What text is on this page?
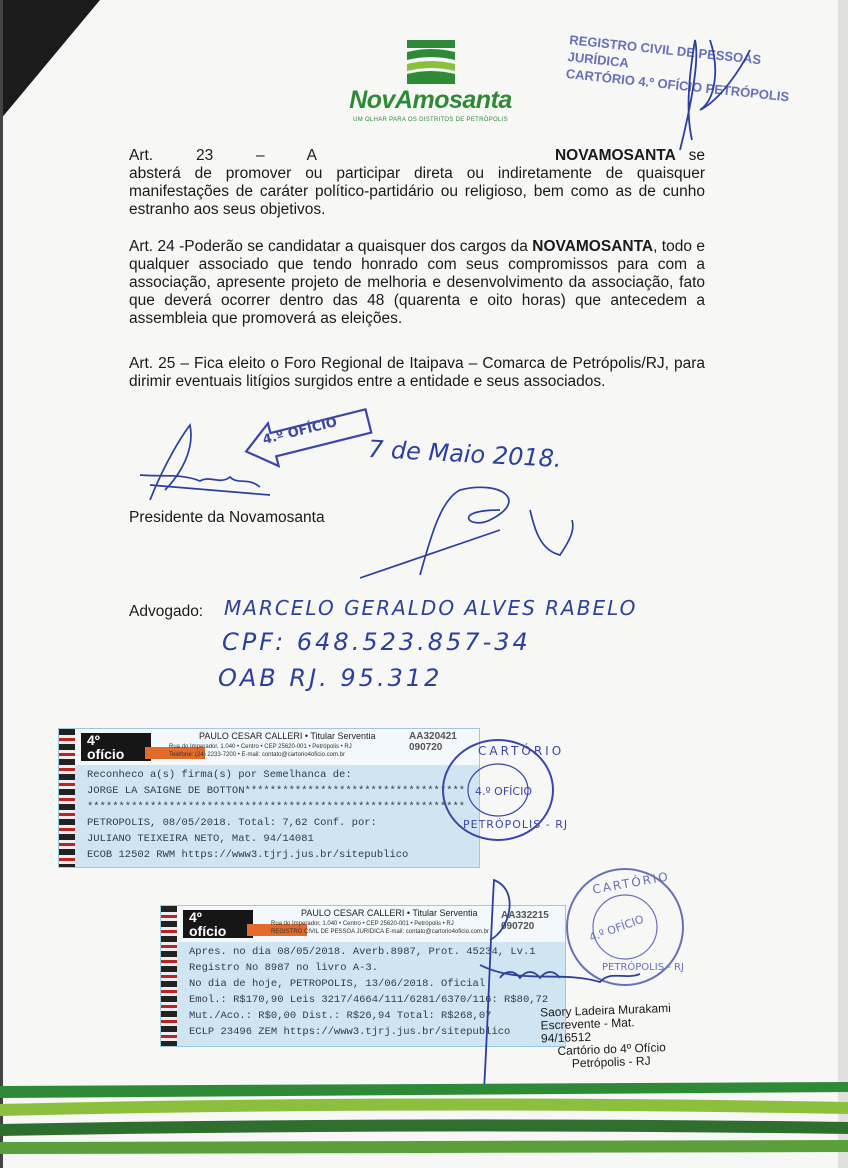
NovAmosanta
UM OLHAR PARA OS DISTRITOS DE PETRÓPOLIS
REGISTRO CIVIL DE PESSOAS JURÍDICA
CARTÓRIO 4.º OFÍCIO PETRÓPOLIS
Art. 23 – A	NOVAMOSANTA se absterá de promover ou participar direta ou indiretamente de quaisquer manifestações de caráter político-partidário ou religioso, bem como as de cunho estranho aos seus objetivos.
Art. 24 -Poderão se candidatar a quaisquer dos cargos da NOVAMOSANTA, todo e qualquer associado que tendo honrado com seus compromissos para com a associação, apresente projeto de melhoria e desenvolvimento da associação, fato que deverá ocorrer dentro das 48 (quarenta e oito horas) que antecedem a assembleia que promoverá as eleições.
Art. 25 – Fica eleito o Foro Regional de Itaipava – Comarca de Petrópolis/RJ, para dirimir eventuais litígios surgidos entre a entidade e seus associados.
4.º OFÍCIO
7 de Maio 2018.
Presidente da Novamosanta
Advogado: MARCELO GERALDO ALVES RABELO
CPF: 648.523.857-34
OAB RJ. 95.312
4º
ofício
PAULO CESAR CALLERI • Titular Serventia
Rua do Imperador, 1.040 • Centro • CEP 25620-001 • Petrópolis • RJ
Telefone: (24) 2233-7200 • E-mail: contato@cartorio4oficio.com.br
AA320421
090720
Reconheco a(s) firma(s) por Semelhanca de:
JORGE LA SAIGNE DE BOTTON***********************************
************************************************************
PETROPOLIS, 08/05/2018. Total: 7,62 Conf. por:
JULIANO TEIXEIRA NETO, Mat. 94/14081
ECOB 12502 RWM https://www3.tjrj.jus.br/sitepublico
CARTÓRIO
4.º OFÍCIO
PETRÓPOLIS - RJ
4º
ofício
PAULO CESAR CALLERI • Titular Serventia
Rua do Imperador, 1.040 • Centro • CEP 25620-001 • Petrópolis • RJ
REGISTRO CIVIL DE PESSOA JURIDICA E-mail: contato@cartorio4oficio.com.br
AA332215
090720
Apres. no dia 08/05/2018. Averb.8987, Prot. 45234, Lv.1
Registro No 8987 no livro A-3.
No dia de hoje, PETROPOLIS, 13/06/2018. Oficial
Emol.: R$170,90 Leis 3217/4664/111/6281/6370/116: R$80,72
Mut./Aco.: R$0,00 Dist.: R$26,94 Total: R$268,07
ECLP 23496 ZEM https://www3.tjrj.jus.br/sitepublico
CARTÓRIO
4.º OFÍCIO
PETRÓPOLIS - RJ
Saory Ladeira Murakami
Escrevente - Mat. 94/16512
Cartório do 4º Ofício
Petrópolis - RJ
